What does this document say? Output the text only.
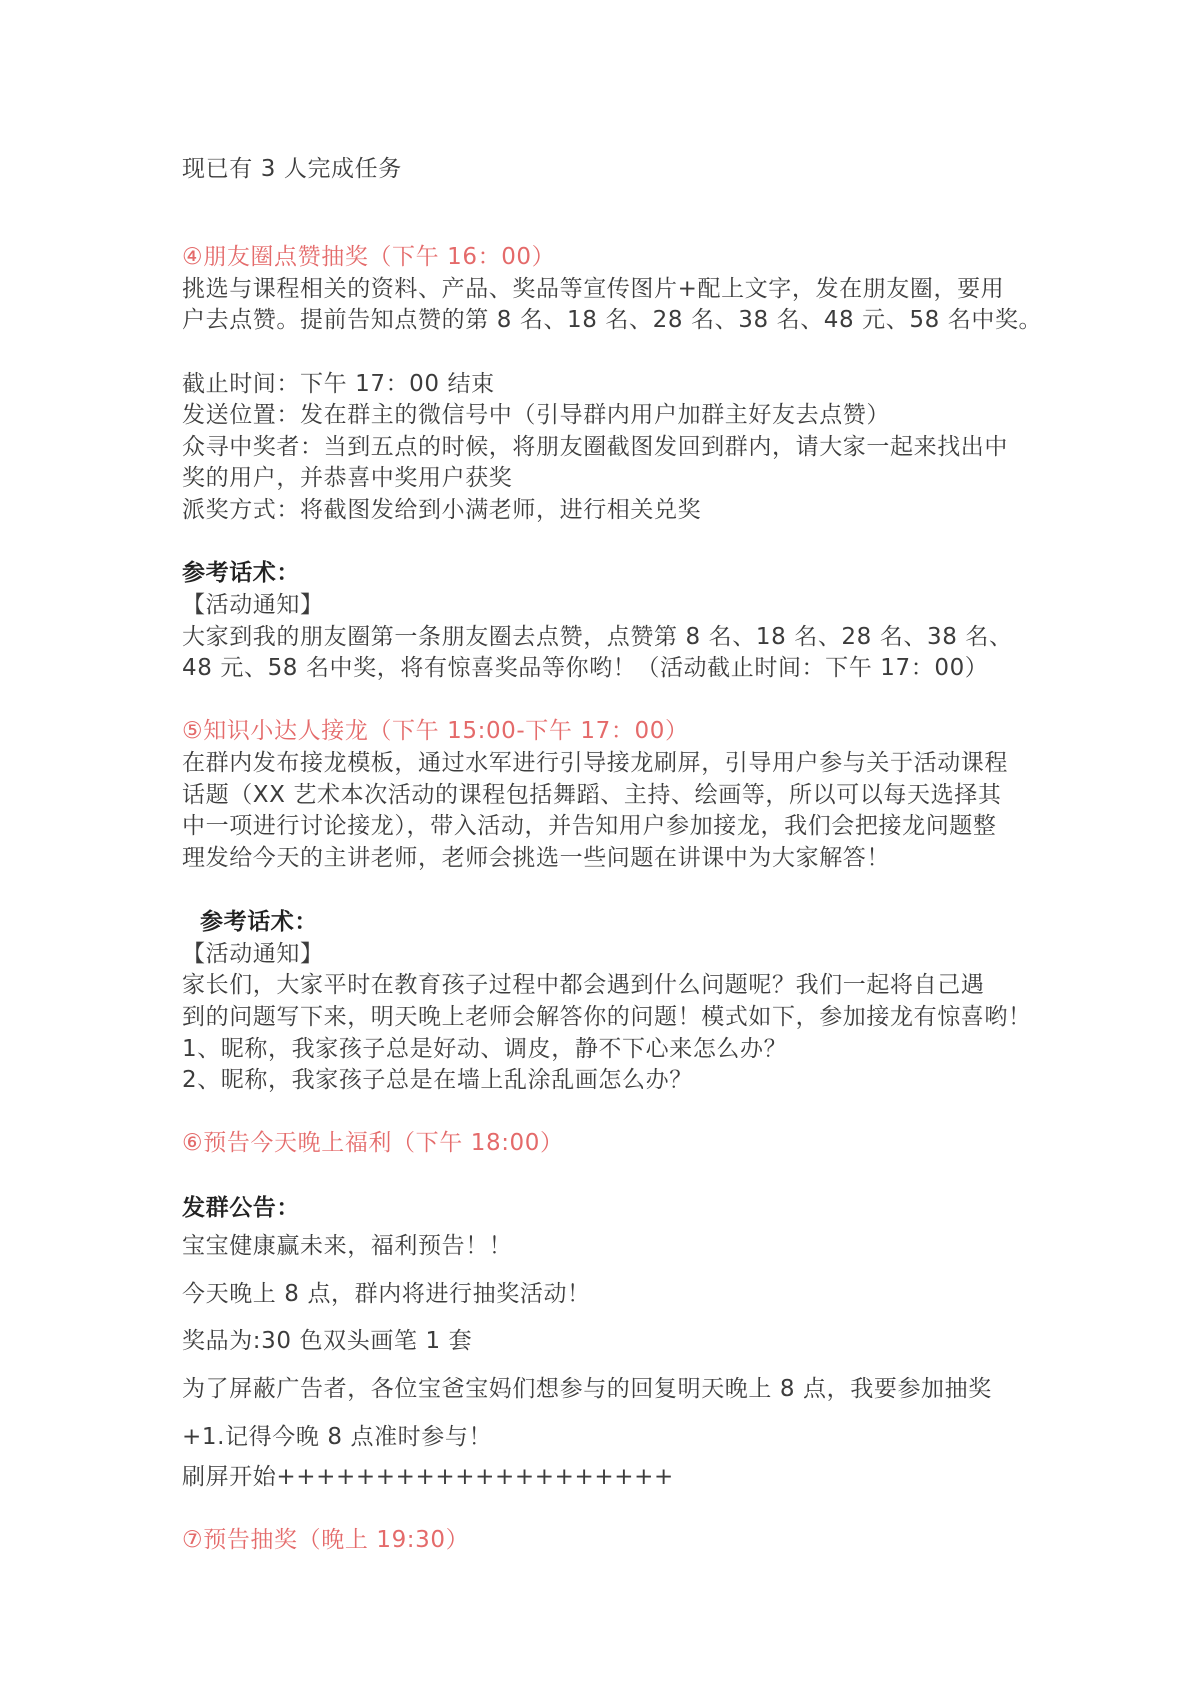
现已有 3 人完成任务
④朋友圈点赞抽奖（下午 16：00）
挑选与课程相关的资料、产品、奖品等宣传图片+配上文字，发在朋友圈，要用
户去点赞。提前告知点赞的第 8 名、18 名、28 名、38 名、48 元、58 名中奖。
截止时间：下午 17：00 结束
发送位置：发在群主的微信号中（引导群内用户加群主好友去点赞）
众寻中奖者：当到五点的时候，将朋友圈截图发回到群内，请大家一起来找出中
奖的用户，并恭喜中奖用户获奖
派奖方式：将截图发给到小满老师，进行相关兑奖
参考话术：
【活动通知】
大家到我的朋友圈第一条朋友圈去点赞，点赞第 8 名、18 名、28 名、38 名、
48 元、58 名中奖，将有惊喜奖品等你哟！（活动截止时间：下午 17：00）
⑤知识小达人接龙（下午 15:00-下午 17：00）
在群内发布接龙模板，通过水军进行引导接龙刷屏，引导用户参与关于活动课程
话题（XX 艺术本次活动的课程包括舞蹈、主持、绘画等，所以可以每天选择其
中一项进行讨论接龙），带入活动，并告知用户参加接龙，我们会把接龙问题整
理发给今天的主讲老师，老师会挑选一些问题在讲课中为大家解答！
参考话术：
【活动通知】
家长们，大家平时在教育孩子过程中都会遇到什么问题呢？我们一起将自己遇
到的问题写下来，明天晚上老师会解答你的问题！模式如下，参加接龙有惊喜哟！
1、昵称，我家孩子总是好动、调皮，静不下心来怎么办？
2、昵称，我家孩子总是在墙上乱涂乱画怎么办？
⑥预告今天晚上福利（下午 18:00）
发群公告：
宝宝健康赢未来，福利预告！！
今天晚上 8 点，群内将进行抽奖活动！
奖品为:30 色双头画笔 1 套
为了屏蔽广告者，各位宝爸宝妈们想参与的回复明天晚上 8 点，我要参加抽奖
+1.记得今晚 8 点准时参与！
刷屏开始++++++++++++++++++++
⑦预告抽奖（晚上 19:30）
